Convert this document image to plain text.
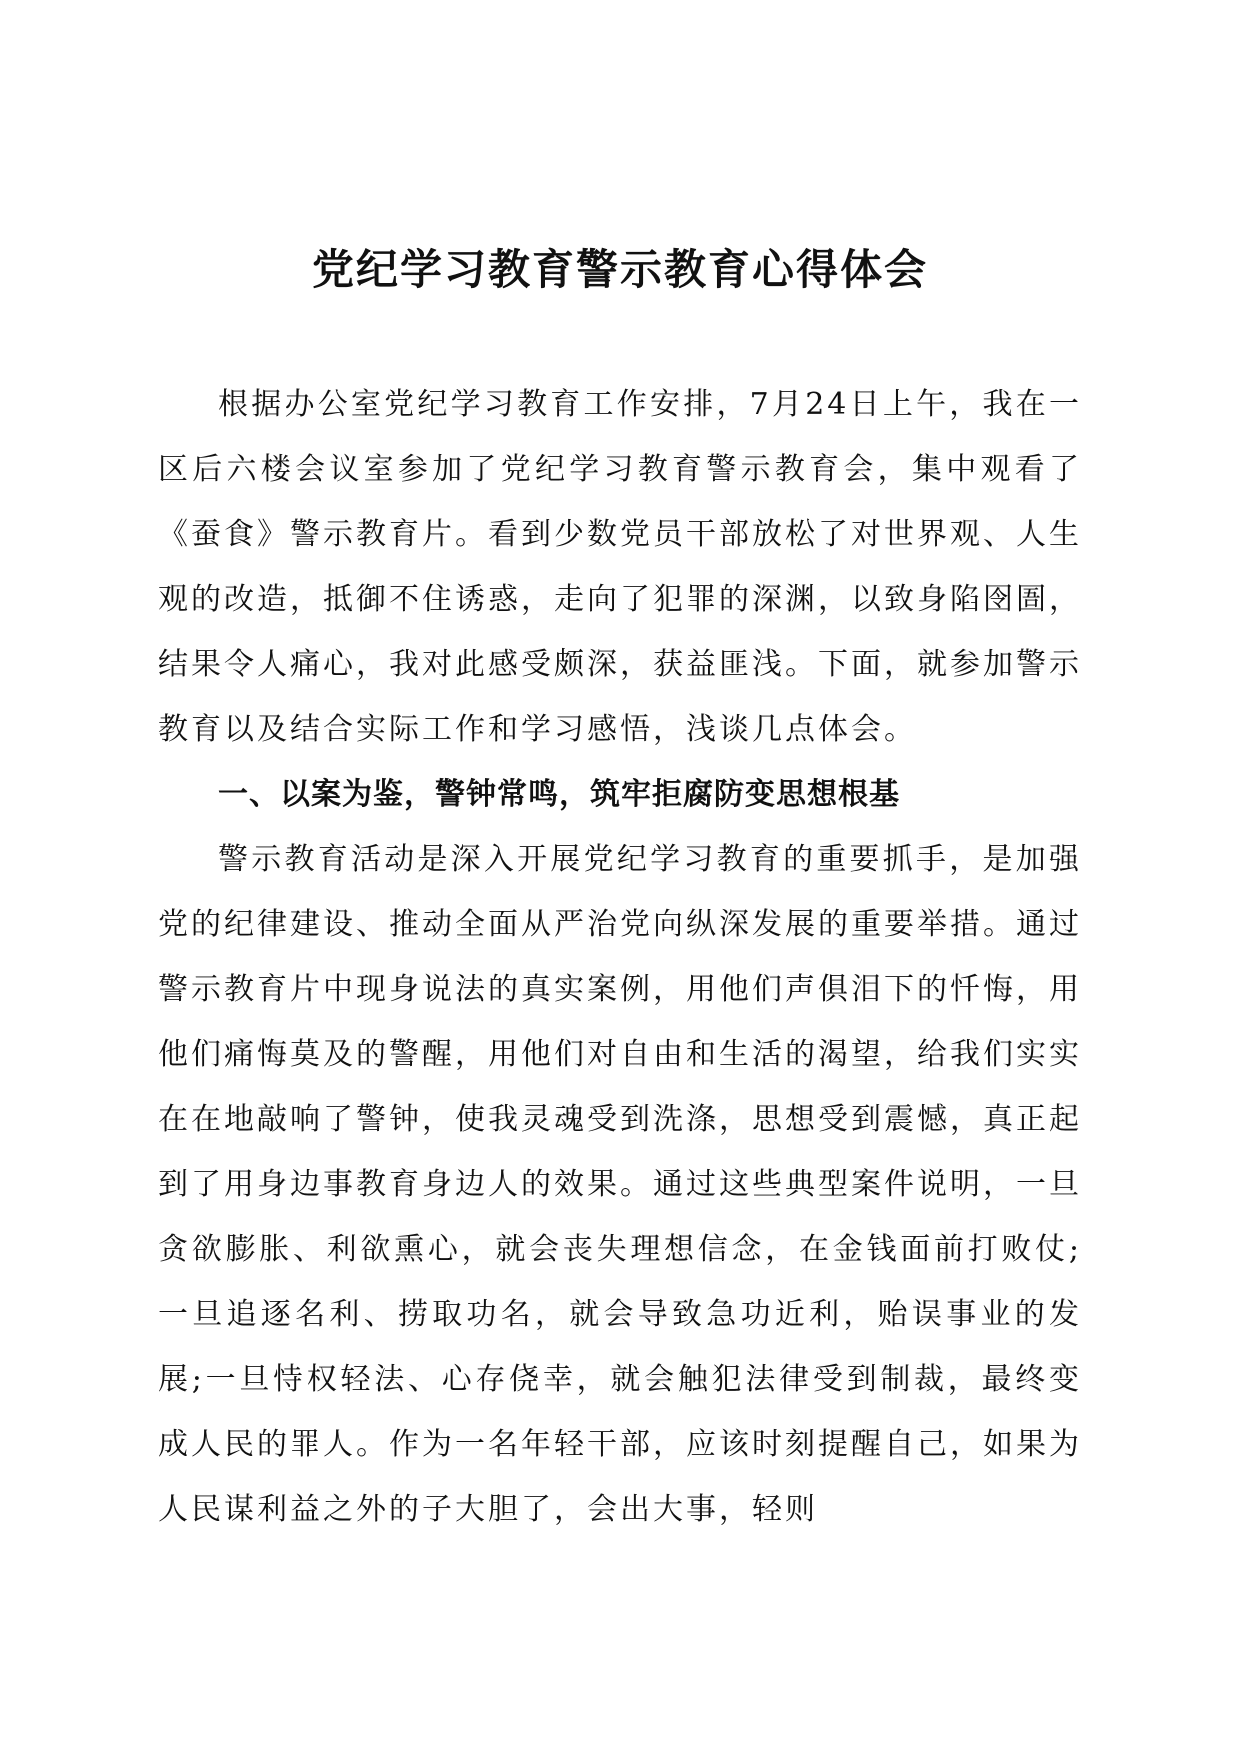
党纪学习教育警示教育心得体会

根据办公室党纪学习教育工作安排，7月24日上午，我在一区后六楼会议室参加了党纪学习教育警示教育会，集中观看了《蚕食》警示教育片。看到少数党员干部放松了对世界观、人生观的改造，抵御不住诱惑，走向了犯罪的深渊，以致身陷囹圄，结果令人痛心，我对此感受颇深，获益匪浅。下面，就参加警示教育以及结合实际工作和学习感悟，浅谈几点体会。

一、以案为鉴，警钟常鸣，筑牢拒腐防变思想根基

警示教育活动是深入开展党纪学习教育的重要抓手，是加强党的纪律建设、推动全面从严治党向纵深发展的重要举措。通过警示教育片中现身说法的真实案例，用他们声俱泪下的忏悔，用他们痛悔莫及的警醒，用他们对自由和生活的渴望，给我们实实在在地敲响了警钟，使我灵魂受到洗涤，思想受到震憾，真正起到了用身边事教育身边人的效果。通过这些典型案件说明，一旦贪欲膨胀、利欲熏心，就会丧失理想信念，在金钱面前打败仗;一旦追逐名利、捞取功名，就会导致急功近利，贻误事业的发展;一旦恃权轻法、心存侥幸，就会触犯法律受到制裁，最终变成人民的罪人。作为一名年轻干部，应该时刻提醒自己，如果为人民谋利益之外的子大胆了，会出大事，轻则
